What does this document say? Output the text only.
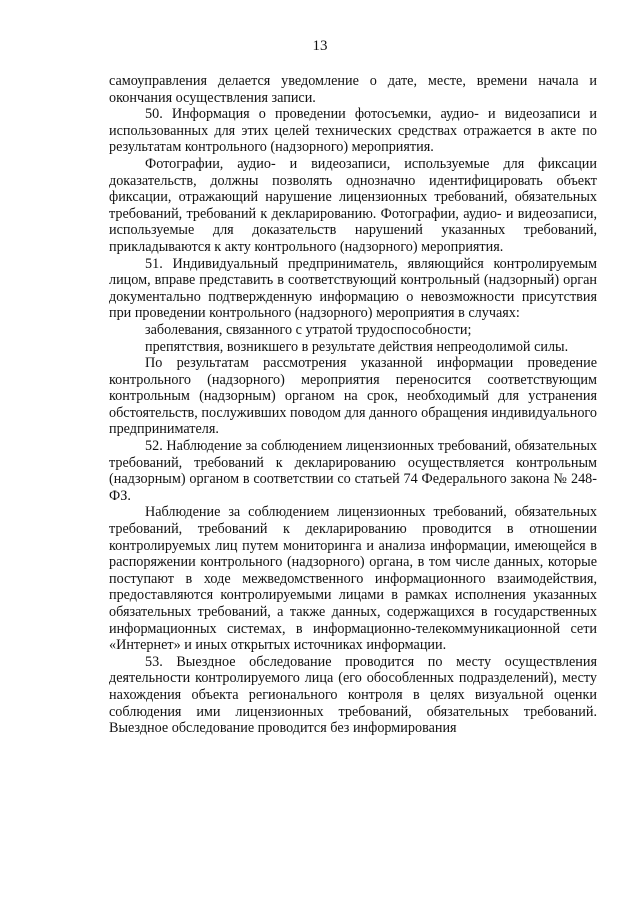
13

самоуправления делается уведомление о дате, месте, времени начала и окончания осуществления записи.

50. Информация о проведении фотосъемки, аудио- и видеозаписи и использованных для этих целей технических средствах отражается в акте по результатам контрольного (надзорного) мероприятия.

Фотографии, аудио- и видеозаписи, используемые для фиксации доказательств, должны позволять однозначно идентифицировать объект фиксации, отражающий нарушение лицензионных требований, обязательных требований, требований к декларированию. Фотографии, аудио- и видеозаписи, используемые для доказательств нарушений указанных требований, прикладываются к акту контрольного (надзорного) мероприятия.

51. Индивидуальный предприниматель, являющийся контролируемым лицом, вправе представить в соответствующий контрольный (надзорный) орган документально подтвержденную информацию о невозможности присутствия при проведении контрольного (надзорного) мероприятия в случаях:

заболевания, связанного с утратой трудоспособности;

препятствия, возникшего в результате действия непреодолимой силы.

По результатам рассмотрения указанной информации проведение контрольного (надзорного) мероприятия переносится соответствующим контрольным (надзорным) органом на срок, необходимый для устранения обстоятельств, послуживших поводом для данного обращения индивидуального предпринимателя.

52. Наблюдение за соблюдением лицензионных требований, обязательных требований, требований к декларированию осуществляется контрольным (надзорным) органом в соответствии со статьей 74 Федерального закона № 248-ФЗ.

Наблюдение за соблюдением лицензионных требований, обязательных требований, требований к декларированию проводится в отношении контролируемых лиц путем мониторинга и анализа информации, имеющейся в распоряжении контрольного (надзорного) органа, в том числе данных, которые поступают в ходе межведомственного информационного взаимодействия, предоставляются контролируемыми лицами в рамках исполнения указанных обязательных требований, а также данных, содержащихся в государственных информационных системах, в информационно-телекоммуникационной сети «Интернет» и иных открытых источниках информации.

53. Выездное обследование проводится по месту осуществления деятельности контролируемого лица (его обособленных подразделений), месту нахождения объекта регионального контроля в целях визуальной оценки соблюдения ими лицензионных требований, обязательных требований. Выездное обследование проводится без информирования
